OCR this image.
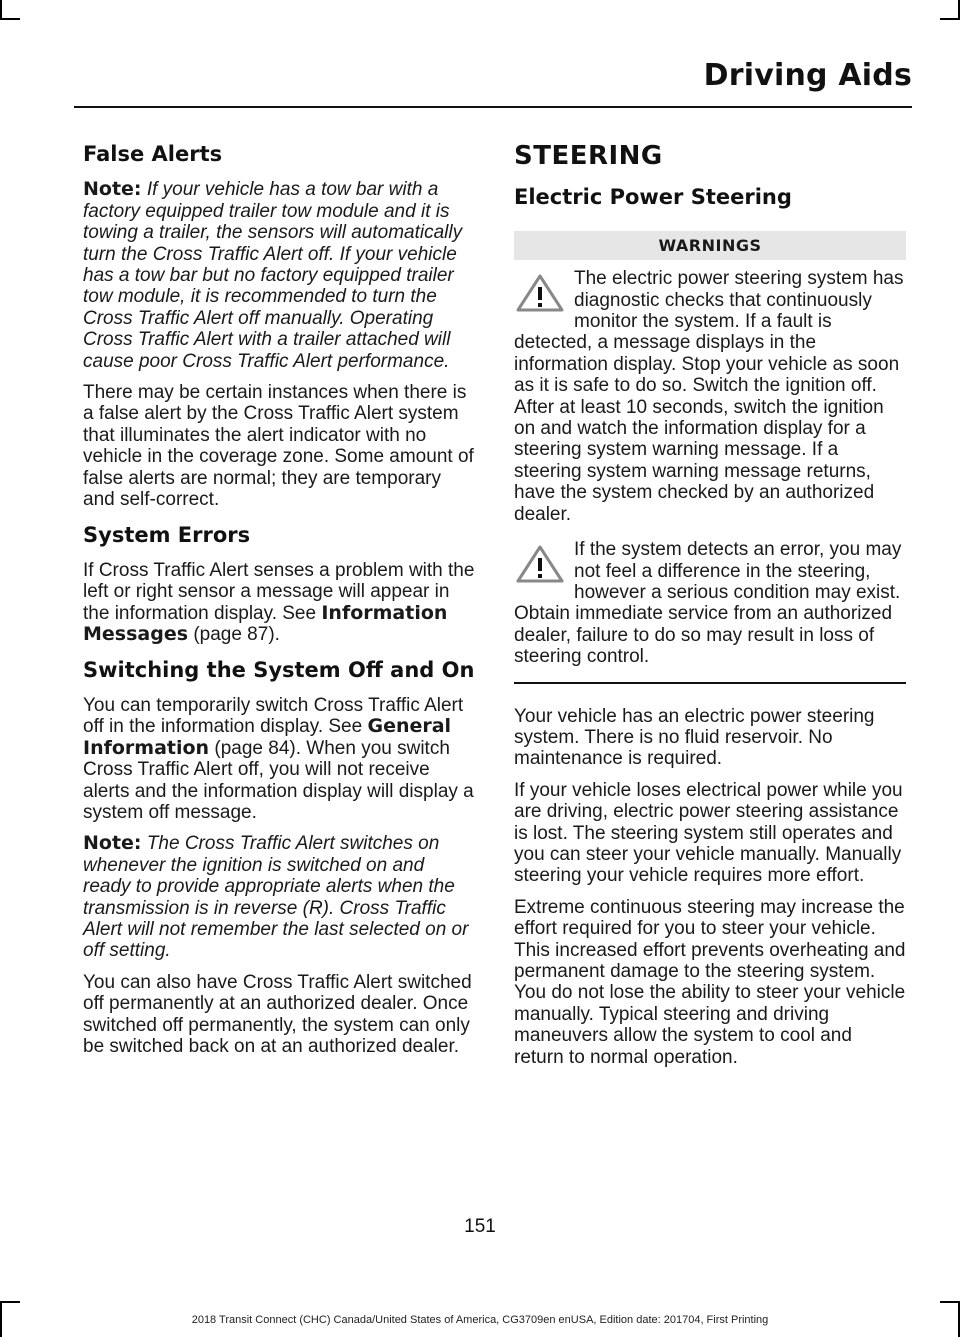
Driving Aids
False Alerts

Note: If your vehicle has a tow bar with a factory equipped trailer tow module and it is towing a trailer, the sensors will automatically turn the Cross Traffic Alert off. If your vehicle has a tow bar but no factory equipped trailer tow module, it is recommended to turn the Cross Traffic Alert off manually. Operating Cross Traffic Alert with a trailer attached will cause poor Cross Traffic Alert performance.

There may be certain instances when there is a false alert by the Cross Traffic Alert system that illuminates the alert indicator with no vehicle in the coverage zone. Some amount of false alerts are normal; they are temporary and self-correct.

System Errors

If Cross Traffic Alert senses a problem with the left or right sensor a message will appear in the information display. See Information Messages (page 87).

Switching the System Off and On

You can temporarily switch Cross Traffic Alert off in the information display. See General Information (page 84). When you switch Cross Traffic Alert off, you will not receive alerts and the information display will display a system off message.

Note: The Cross Traffic Alert switches on whenever the ignition is switched on and ready to provide appropriate alerts when the transmission is in reverse (R). Cross Traffic Alert will not remember the last selected on or off setting.

You can also have Cross Traffic Alert switched off permanently at an authorized dealer. Once switched off permanently, the system can only be switched back on at an authorized dealer.

STEERING
Electric Power Steering
WARNINGS
The electric power steering system has diagnostic checks that continuously monitor the system. If a fault is detected, a message displays in the information display. Stop your vehicle as soon as it is safe to do so. Switch the ignition off. After at least 10 seconds, switch the ignition on and watch the information display for a steering system warning message. If a steering system warning message returns, have the system checked by an authorized dealer.
If the system detects an error, you may not feel a difference in the steering, however a serious condition may exist. Obtain immediate service from an authorized dealer, failure to do so may result in loss of steering control.

Your vehicle has an electric power steering system. There is no fluid reservoir. No maintenance is required.

If your vehicle loses electrical power while you are driving, electric power steering assistance is lost. The steering system still operates and you can steer your vehicle manually. Manually steering your vehicle requires more effort.

Extreme continuous steering may increase the effort required for you to steer your vehicle. This increased effort prevents overheating and permanent damage to the steering system. You do not lose the ability to steer your vehicle manually. Typical steering and driving maneuvers allow the system to cool and return to normal operation.

151
2018 Transit Connect (CHC) Canada/United States of America, CG3709en enUSA, Edition date: 201704, First Printing
